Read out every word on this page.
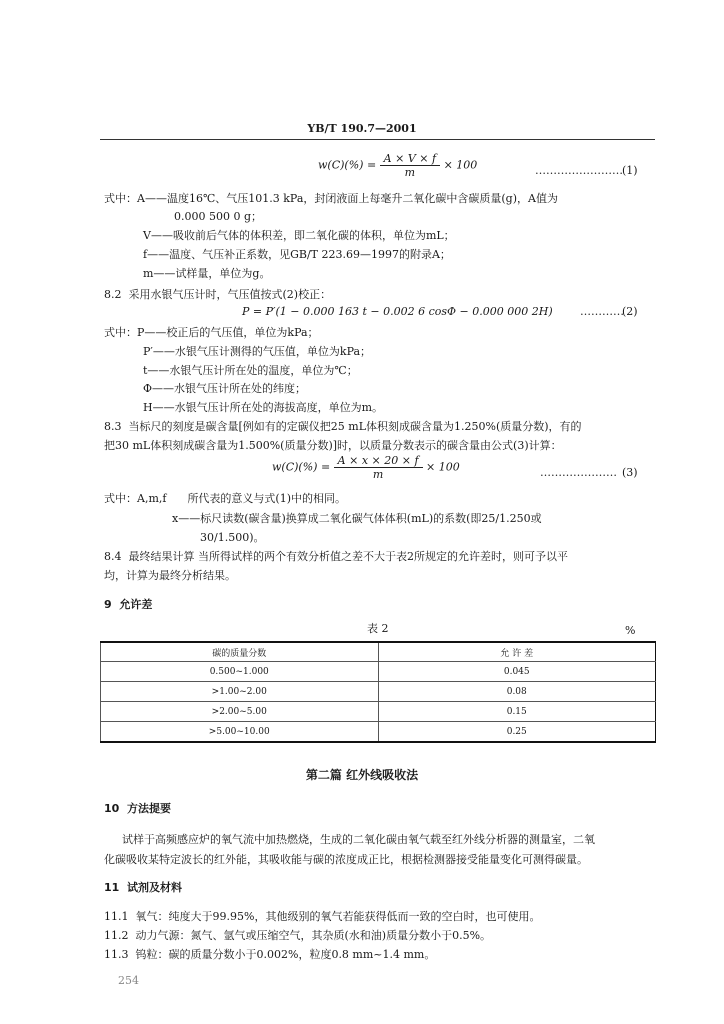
YB/T 190.7—2001
$w(C)(\%) = \frac{A \times V \times f}{m} \times 100$	…………………… (1)
式中：A——温度16℃、气压101.3 kPa，封闭液面上每毫升二氧化碳中含碳质量(g)，A值为
0.000 500 0 g；
V——吸收前后气体的体积差，即二氧化碳的体积，单位为mL；
f——温度、气压补正系数，见GB/T 223.69—1997的附录A；
m——试样量，单位为g。
8.2 采用水银气压计时，气压值按式(2)校正：
P = P′(1 − 0.000 163 t − 0.002 6 cosΦ − 0.000 000 2H) …………
(2)
式中：P——校正后的气压值，单位为kPa；
P′——水银气压计测得的气压值，单位为kPa；
t——水银气压计所在处的温度，单位为℃；
Φ——水银气压计所在处的纬度；
H——水银气压计所在处的海拔高度，单位为m。
8.3 当标尺的刻度是碳含量[例如有的定碳仪把25 mL体积刻成碳含量为1.250%(质量分数)，有的
把30 mL体积刻成碳含量为1.500%(质量分数)]时，以质量分数表示的碳含量由公式(3)计算：
$w(C)(\%) = \frac{A \times x \times 20 \times f}{m} \times 100$	………………… (3)
式中：A,m,f 所代表的意义与式(1)中的相同。
x——标尺读数(碳含量)换算成二氧化碳气体体积(mL)的系数(即25/1.250或
30/1.500)。
8.4 最终结果计算 当所得试样的两个有效分析值之差不大于表2所规定的允许差时，则可予以平
均，计算为最终分析结果。
9 允许差
表 2	%
碳的质量分数	允 许 差
0.500~1.000	0.045
>1.00~2.00	0.08
>2.00~5.00	0.15
>5.00~10.00	0.25
第二篇 红外线吸收法
10 方法提要
试样于高频感应炉的氧气流中加热燃烧，生成的二氧化碳由氧气载至红外线分析器的测量室，二氧
化碳吸收某特定波长的红外能，其吸收能与碳的浓度成正比，根据检测器接受能量变化可测得碳量。
11 试剂及材料
11.1 氧气：纯度大于99.95%，其他级别的氧气若能获得低而一致的空白时，也可使用。
11.2 动力气源：氮气、氩气或压缩空气，其杂质(水和油)质量分数小于0.5%。
11.3 钨粒：碳的质量分数小于0.002%，粒度0.8 mm~1.4 mm。
254
